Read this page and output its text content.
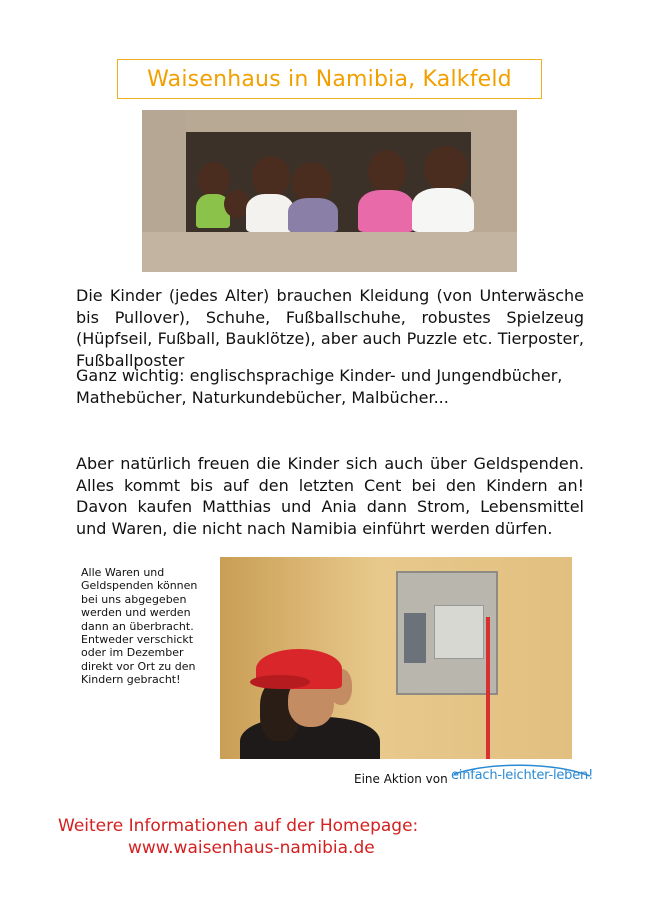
Waisenhaus in Namibia, Kalkfeld

Die Kinder (jedes Alter) brauchen Kleidung (von Unterwäsche bis Pullover), Schuhe, Fußballschuhe, robustes Spielzeug (Hüpfseil, Fußball, Bauklötze), aber auch Puzzle etc. Tierposter, Fußballposter

Ganz wichtig: englischsprachige Kinder- und Jungendbücher, Mathebücher, Naturkundebücher, Malbücher...

Aber natürlich freuen die Kinder sich auch über Geldspenden. Alles kommt bis auf den letzten Cent bei den Kindern an! Davon kaufen Matthias und Ania dann Strom, Lebensmittel und Waren, die nicht nach Namibia einführt werden dürfen.

Alle Waren und Geldspenden können bei uns abgegeben werden und werden dann an überbracht. Entweder verschickt oder im Dezember direkt vor Ort zu den Kindern gebracht!

Eine Aktion von einfach-leichter-leben!

Weitere Informationen auf der Homepage:

www.waisenhaus-namibia.de
